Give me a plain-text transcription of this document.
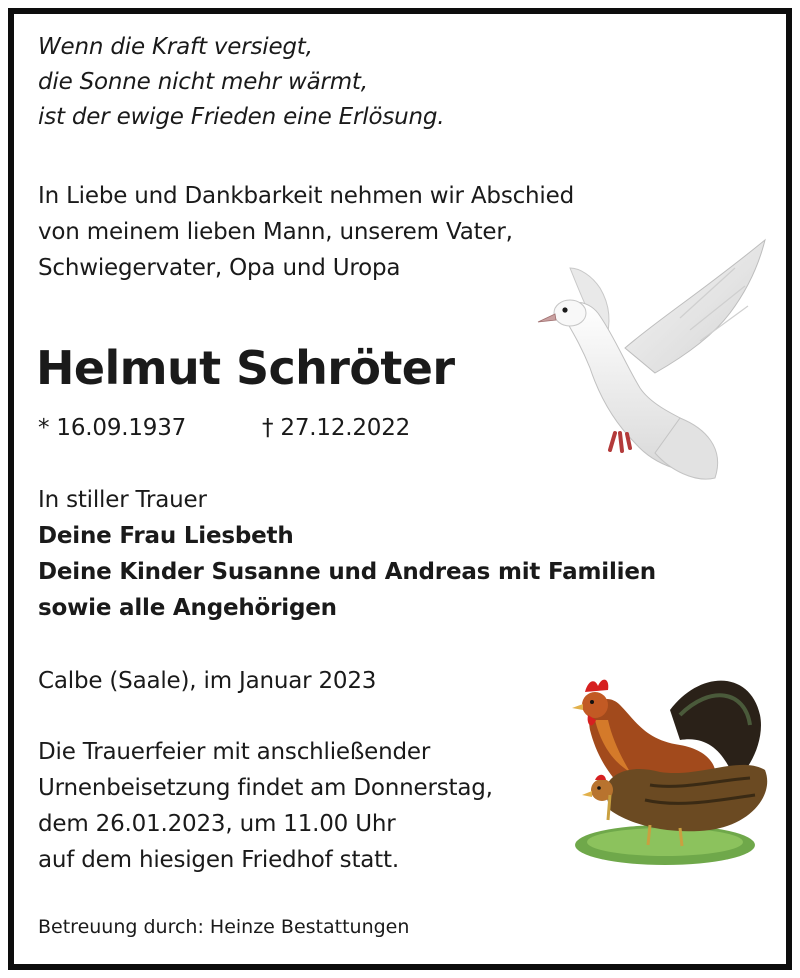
Wenn die Kraft versiegt,
die Sonne nicht mehr wärmt,
ist der ewige Frieden eine Erlösung.
In Liebe und Dankbarkeit nehmen wir Abschied
von meinem lieben Mann, unserem Vater,
Schwiegervater, Opa und Uropa
Helmut Schröter
* 16.09.1937	† 27.12.2022
In stiller Trauer
Deine Frau Liesbeth
Deine Kinder Susanne und Andreas mit Familien
sowie alle Angehörigen
Calbe (Saale), im Januar 2023
Die Trauerfeier mit anschließender
Urnenbeisetzung findet am Donnerstag,
dem 26.01.2023, um 11.00 Uhr
auf dem hiesigen Friedhof statt.
Betreuung durch: Heinze Bestattungen
